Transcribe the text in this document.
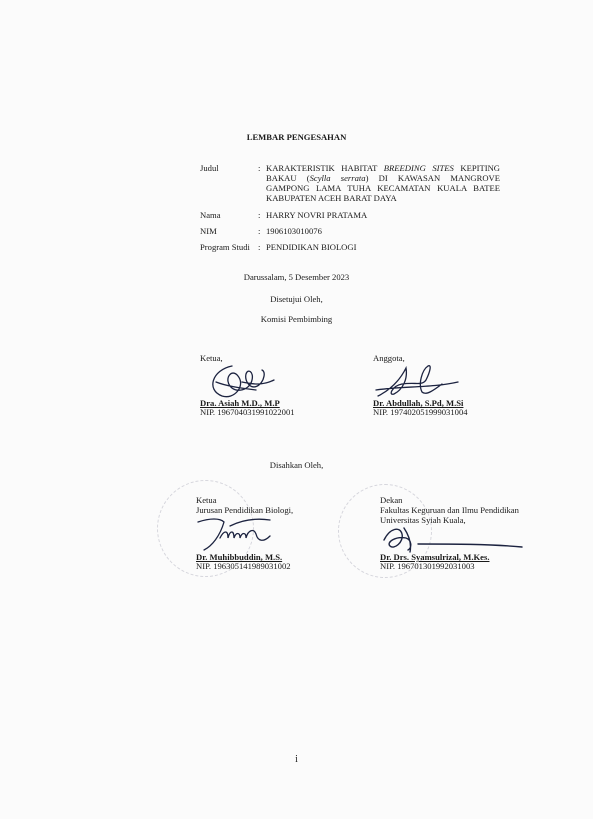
LEMBAR PENGESAHAN
Judul	: KARAKTERISTIK HABITAT BREEDING SITES KEPITING
BAKAU (Scylla serrata) DI KAWASAN MANGROVE
GAMPONG LAMA TUHA KECAMATAN KUALA BATEE
KABUPATEN ACEH BARAT DAYA
Nama	: HARRY NOVRI PRATAMA
NIM	: 1906103010076
Program Studi : PENDIDIKAN BIOLOGI
Darussalam, 5 Desember 2023
Disetujui Oleh,
Komisi Pembimbing
Ketua,
Dra. Asiah M.D., M.P
NIP. 196704031991022001
Anggota,
Dr. Abdullah, S.Pd, M.Si
NIP. 197402051999031004
Disahkan Oleh,
Ketua
Jurusan Pendidikan Biologi,
Dr. Muhibbuddin, M.S.
NIP. 196305141989031002
Dekan
Fakultas Keguruan dan Ilmu Pendidikan
Universitas Syiah Kuala,
Dr. Drs. Syamsulrizal, M.Kes.
NIP. 196701301992031003
i
